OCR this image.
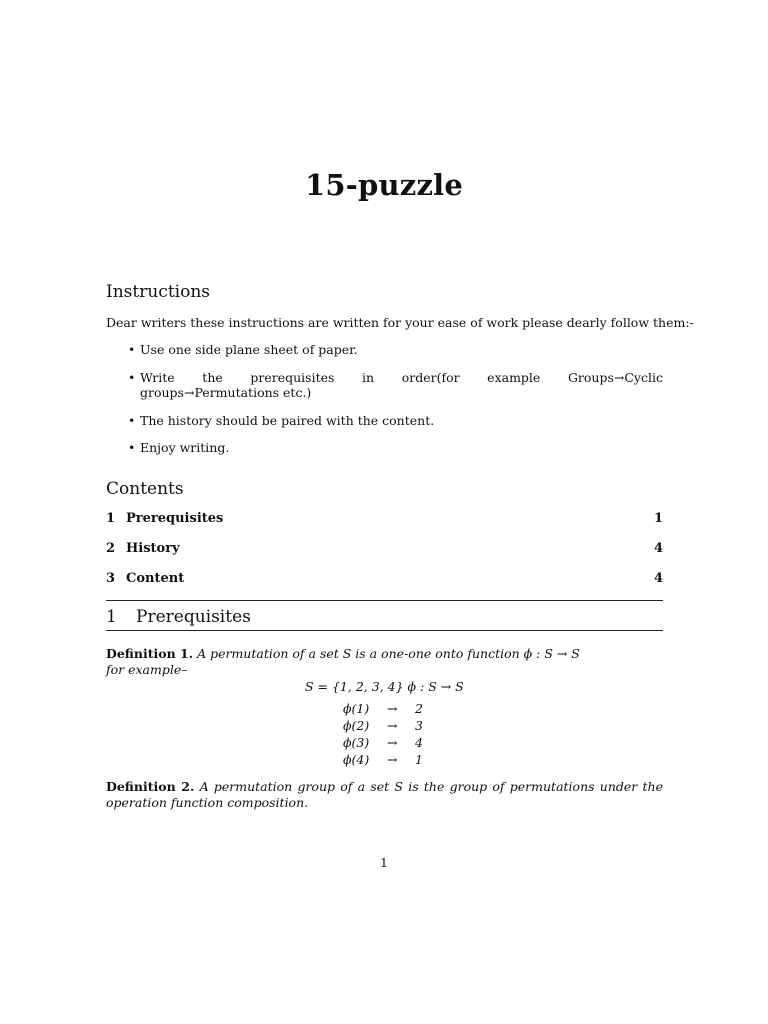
15-puzzle
Instructions
Dear writers these instructions are written for your ease of work please dearly follow them:-
• Use one side plane sheet of paper.
• Write the prerequisites in order(for example Groups→Cyclic groups→Permutations etc.)
• The history should be paired with the content.
• Enjoy writing.
Contents
1 Prerequisites	1
2 History	4
3 Content	4
1 Prerequisites
Definition 1. A permutation of a set S is a one-one onto function ϕ : S → S
for example–
S = {1, 2, 3, 4} ϕ : S → S
ϕ(1) → 2
ϕ(2) → 3
ϕ(3) → 4
ϕ(4) → 1
Definition 2. A permutation group of a set S is the group of permutations under the
operation function composition.
1
